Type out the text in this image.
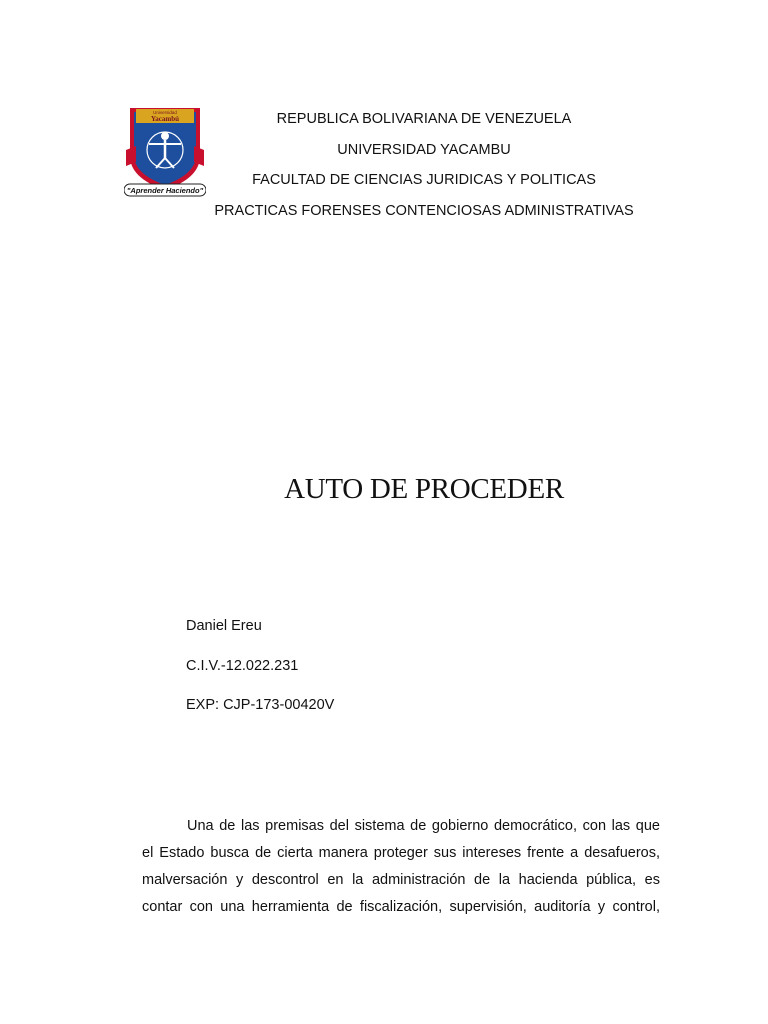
Universidad
Yacambú
"Aprender Haciendo"
REPUBLICA BOLIVARIANA DE VENEZUELA
UNIVERSIDAD YACAMBU
FACULTAD DE CIENCIAS JURIDICAS Y POLITICAS
PRACTICAS FORENSES CONTENCIOSAS ADMINISTRATIVAS
AUTO DE PROCEDER
Daniel Ereu
C.I.V.-12.022.231
EXP: CJP-173-00420V
Una de las premisas del sistema de gobierno democrático, con las que
el Estado busca de cierta manera proteger sus intereses frente a desafueros,
malversación y descontrol en la administración de la hacienda pública, es
contar con una herramienta de fiscalización, supervisión, auditoría y control,
